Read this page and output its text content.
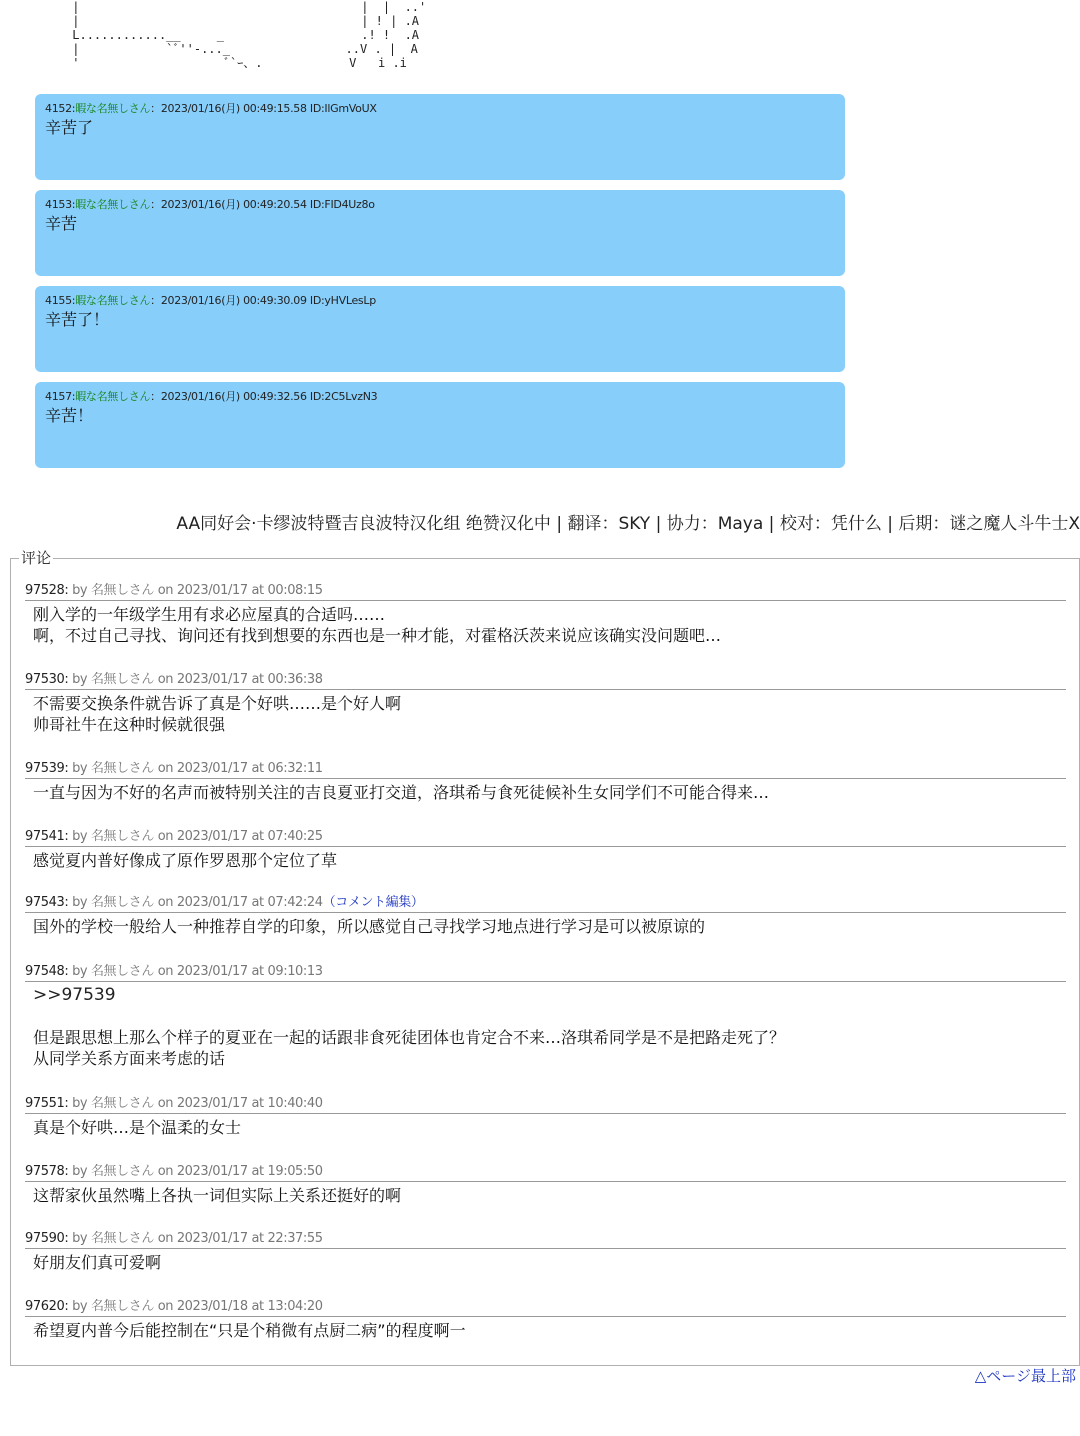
|                                       |  |  ..'
|                                       | ! | .A
L............__     _                   .! !  .A
|            `ﾞ''-..._                ..V . |  A
'                    ﾞ`ｰ、.            V   i .i
4152:暇な名無しさん：2023/01/16(月) 00:49:15.58 ID:IlGmVoUX
辛苦了
4153:暇な名無しさん：2023/01/16(月) 00:49:20.54 ID:FID4Uz8o
辛苦
4155:暇な名無しさん：2023/01/16(月) 00:49:30.09 ID:yHVLesLp
辛苦了！
4157:暇な名無しさん：2023/01/16(月) 00:49:32.56 ID:2C5LvzN3
辛苦！
AA同好会·卡缪波特暨吉良波特汉化组 绝赞汉化中 | 翻译：SKY | 协力：Maya | 校对：凭什么 | 后期：谜之魔人斗牛士X
评论
97528: by 名無しさん on 2023/01/17 at 00:08:15
刚入学的一年级学生用有求必应屋真的合适吗……
啊，不过自己寻找、询问还有找到想要的东西也是一种才能，对霍格沃茨来说应该确实没问题吧…
97530: by 名無しさん on 2023/01/17 at 00:36:38
不需要交换条件就告诉了真是个好哄……是个好人啊
帅哥社牛在这种时候就很强
97539: by 名無しさん on 2023/01/17 at 06:32:11
一直与因为不好的名声而被特别关注的吉良夏亚打交道，洛琪希与食死徒候补生女同学们不可能合得来…
97541: by 名無しさん on 2023/01/17 at 07:40:25
感觉夏内普好像成了原作罗恩那个定位了草
97543: by 名無しさん on 2023/01/17 at 07:42:24（コメント編集）
国外的学校一般给人一种推荐自学的印象，所以感觉自己寻找学习地点进行学习是可以被原谅的
97548: by 名無しさん on 2023/01/17 at 09:10:13
>>97539
但是跟思想上那么个样子的夏亚在一起的话跟非食死徒团体也肯定合不来…洛琪希同学是不是把路走死了？
从同学关系方面来考虑的话
97551: by 名無しさん on 2023/01/17 at 10:40:40
真是个好哄…是个温柔的女士
97578: by 名無しさん on 2023/01/17 at 19:05:50
这帮家伙虽然嘴上各执一词但实际上关系还挺好的啊
97590: by 名無しさん on 2023/01/17 at 22:37:55
好朋友们真可爱啊
97620: by 名無しさん on 2023/01/18 at 13:04:20
希望夏内普今后能控制在“只是个稍微有点厨二病”的程度啊一
△ページ最上部
